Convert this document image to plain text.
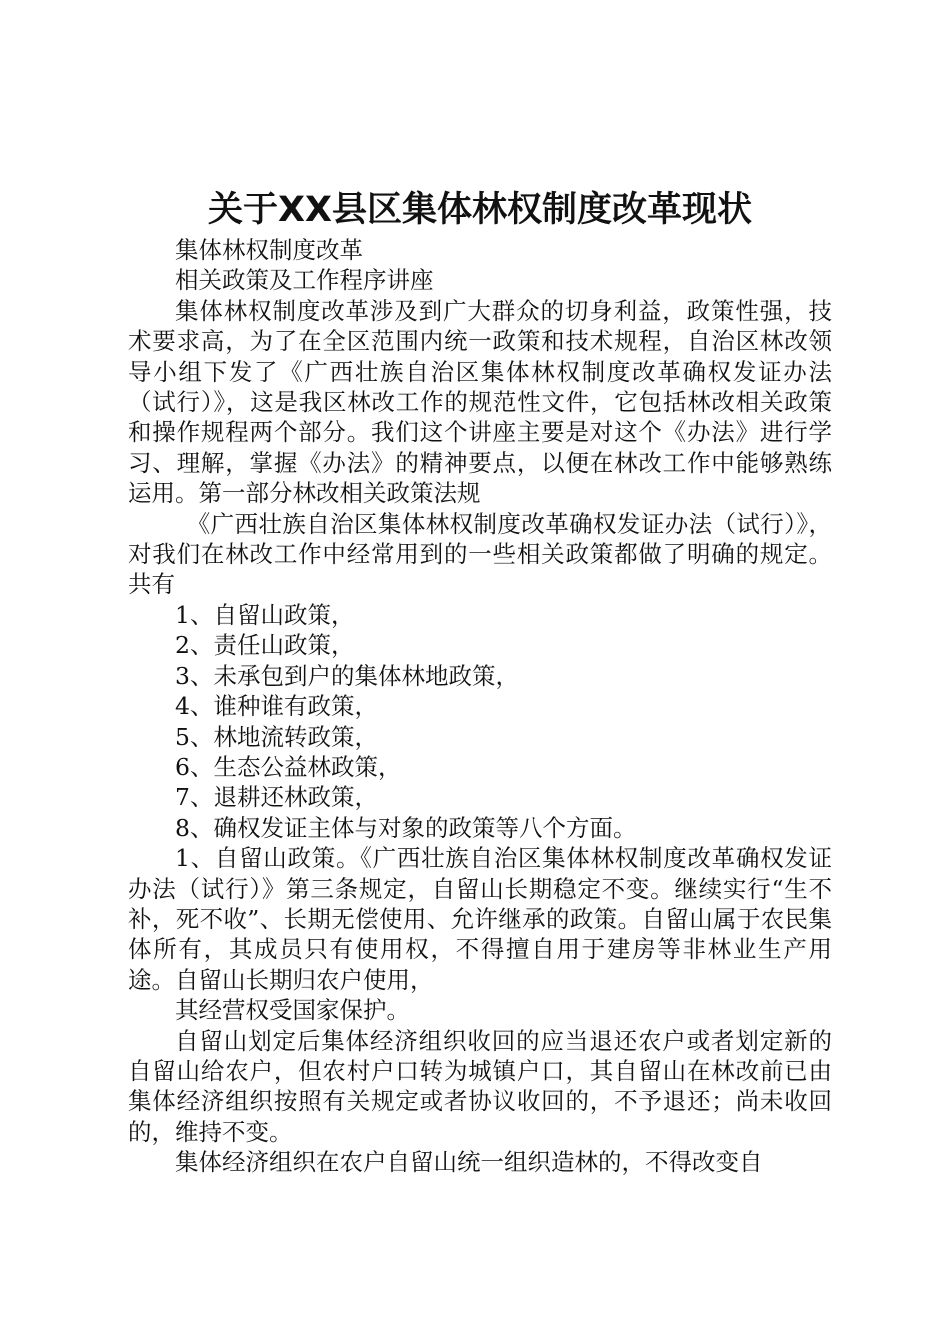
关于XX县区集体林权制度改革现状

集体林权制度改革

相关政策及工作程序讲座

集体林权制度改革涉及到广大群众的切身利益，政策性强，技术要求高，为了在全区范围内统一政策和技术规程，自治区林改领导小组下发了《广西壮族自治区集体林权制度改革确权发证办法（试行）》，这是我区林改工作的规范性文件，它包括林改相关政策和操作规程两个部分。我们这个讲座主要是对这个《办法》进行学习、理解，掌握《办法》的精神要点，以便在林改工作中能够熟练运用。第一部分林改相关政策法规

《广西壮族自治区集体林权制度改革确权发证办法（试行）》，对我们在林改工作中经常用到的一些相关政策都做了明确的规定。共有

1、自留山政策，

2、责任山政策，

3、未承包到户的集体林地政策，

4、谁种谁有政策，

5、林地流转政策，

6、生态公益林政策，

7、退耕还林政策，

8、确权发证主体与对象的政策等八个方面。

1、自留山政策。《广西壮族自治区集体林权制度改革确权发证办法（试行）》第三条规定，自留山长期稳定不变。继续实行“生不补，死不收”、长期无偿使用、允许继承的政策。自留山属于农民集体所有，其成员只有使用权，不得擅自用于建房等非林业生产用途。自留山长期归农户使用，

其经营权受国家保护。

自留山划定后集体经济组织收回的应当退还农户或者划定新的自留山给农户，但农村户口转为城镇户口，其自留山在林改前已由集体经济组织按照有关规定或者协议收回的，不予退还；尚未收回的，维持不变。

集体经济组织在农户自留山统一组织造林的，不得改变自
